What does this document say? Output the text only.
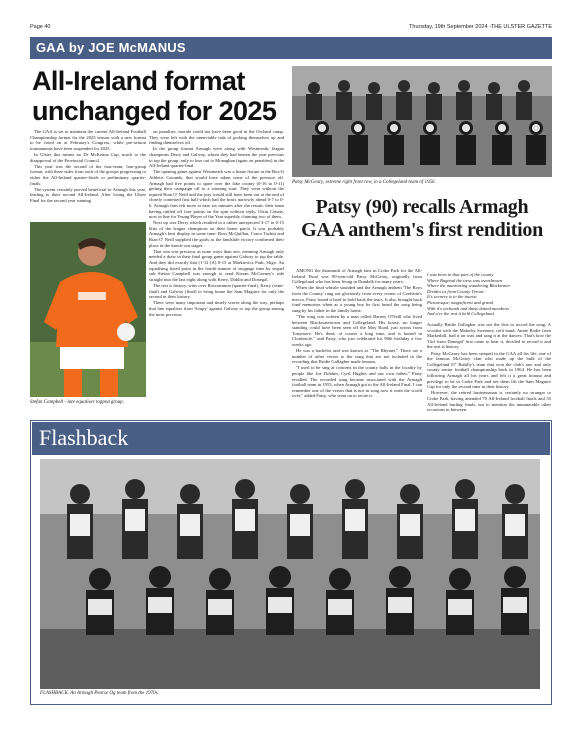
Page 40	Thursday, 19th September 2024 -THE ULSTER GAZETTE
GAA by JOE McMANUS
All-Ireland format unchanged for 2025

The GAA is set to maintain the current All-Ireland Football Championship format for the 2025 season with a new format to be voted on at February's Congress, while pre-season tournaments have been suspended for 2025.

In Ulster this means no Dr McKenna Cup, much to the disapproval of the Provincial Council.

This year was the second of the four-team, four-group format, with three sides from each of the groups progressing to either the All-Ireland quarter-finals or preliminary quarter-finals.

The system certainly proved beneficial to Armagh this year, leading to their second All-Ireland. After losing the Ulster Final for the second year running

Stefan Campbell - late equaliser topped group.

on penalties, morale could not have been good in the Orchard camp. They were left with the unenviable task of picking themselves up and finding themselves off.

In the group format Armagh were along with Westmeath, league champions Derry and Galway, whom they had beaten the year previous to top the group, only to lose out to Monaghan (again on penalties) in the All-Ireland quarter-final.

The opening game against Westmeath was a home fixture at the Box-It Athletic Grounds, that would have taken some of the pressure off. Armagh had five points to spare over the lake county (0-16 to 0-11) getting their campaign off to a winning start. They went without the injured Rian O' Neill and the jury would still have been out at the end of closely contested first half which had the hosts narrowly ahead 0-7 to 0-6. Armagh fans felt more at ease six minutes after the restart, their team having rattled off four points on the spin without reply, Oisin Conaty, now in line for Young Player of the Year superbly claiming two of them.

Next up was Derry which resulted in a rather unexpected 3-17 to 0-15 blitz of the league champions on their home patch. It was probably Armagh's best display in some time: Ross McQuillan, Conor Turbitt and Rian O' Neill supplied the goals as the landslide victory confirmed their place in the knock-out stages.

That win was precious as none ways than one, meaning Armagh only needed a draw in their final group game against Galway to top the table. And they did exactly that (1-12 (A) 0-15 at Markievicz Park, Sligo. An equalising fisted point in the fourth minute of stoppage time by sequel sub Stefan Campbell was enough to send Kieran McGeeney's side straight into the last eight along with Kerry, Dublin and Donegal.

The rest is history, wins over Roscommon (quarter-final), Kerry (semi-final) and Galway (final) to bring home the Sam Maguire for only the second in their history.

There were many important and timely scores along the way, perhaps that late equaliser from 'Soupy' against Galway to top the group among the most precious.

Patsy McGeary, extreme right front row, in a Collegeland team of 1956.
Patsy (90) recalls Armagh GAA anthem's first rendition

AMONG the thousands of Armagh fans in Croke Park for the All-Ireland Final was 90-year-old Patsy McGeary, originally from Collegeland who has been living in Dundalk for many years.

When the final whistle sounded and the Armagh anthem 'The Boys from the County' rang out gloriously from every corner of Coeldoin's mecca, Patsy found it hard to hold back the tears. It also brought back fond memories when as a young boy he first heard the song being sung by his father in the family home.

"The song was written by a man called Barney O'Neill who lived between Blackwatertown and Collegeland. His house, no longer standing could have been seen off the Moy Road, just across from Tonymore. He's dead, of course a long time, and is buried in Clonfeacle," said Patsy, who just celebrated his 90th birthday a few weeks ago.

He was a bachelor and was known as "The Rhymer". There are a number of other verses to the song that are not included in the recording that Bridie Gallagher made famous.

"I used to be sing at concerts in the county halls in the locality by people like Joe Dobbin, Cyril Hughes and our own father," Patsy recalled. The recorded song became associated with the Armagh football team in 1953, when Armagh got to the All-Ireland Final. I can remember one of the verses that is not in song now it went the world over," added Patsy, who went on to recite it:

I was born in that part of the county
Where Bagenal the tress was overthrown
Where the murmuring wandering Blackwater
Divides us from County Tyrone
It's scenery is to the tourist
Picturesque, magnificent and grand
With it's orchards and daisy dotted meadows
And a'er the rest it held Collegeland.

Actually Bridie Gallagher was not the first to record the song. A vocalist with the Malachy Sweeney, ceili band, Annie Rodie from Markethill, had it on wax and sang it at the dances. That's how the 'Girl from Donegal' first came to hear it, decided to record it and the rest is history.

Patsy McGeary has been steeped in the GAA all his life, one of the famous McGeary clan who made up the bulk of the Collegeland 07' Rahilly's team that won the club's one and only county senior football championship back in 1964. He has been following Armagh all his years and felt it a great honour and privilege to be in Croke Park and see them lift the Sam Maguire Cup for only the second time in their history.

However, the retired businessman is certainly no stranger to Croke Park, having attended 70 All-Ireland football finals and 55 All-Ireland hurling finals, not to mention the innumerable other occasions in between.

Flashback
FLASHBACK. An Armagh Pearse Og team from the 1970s.
